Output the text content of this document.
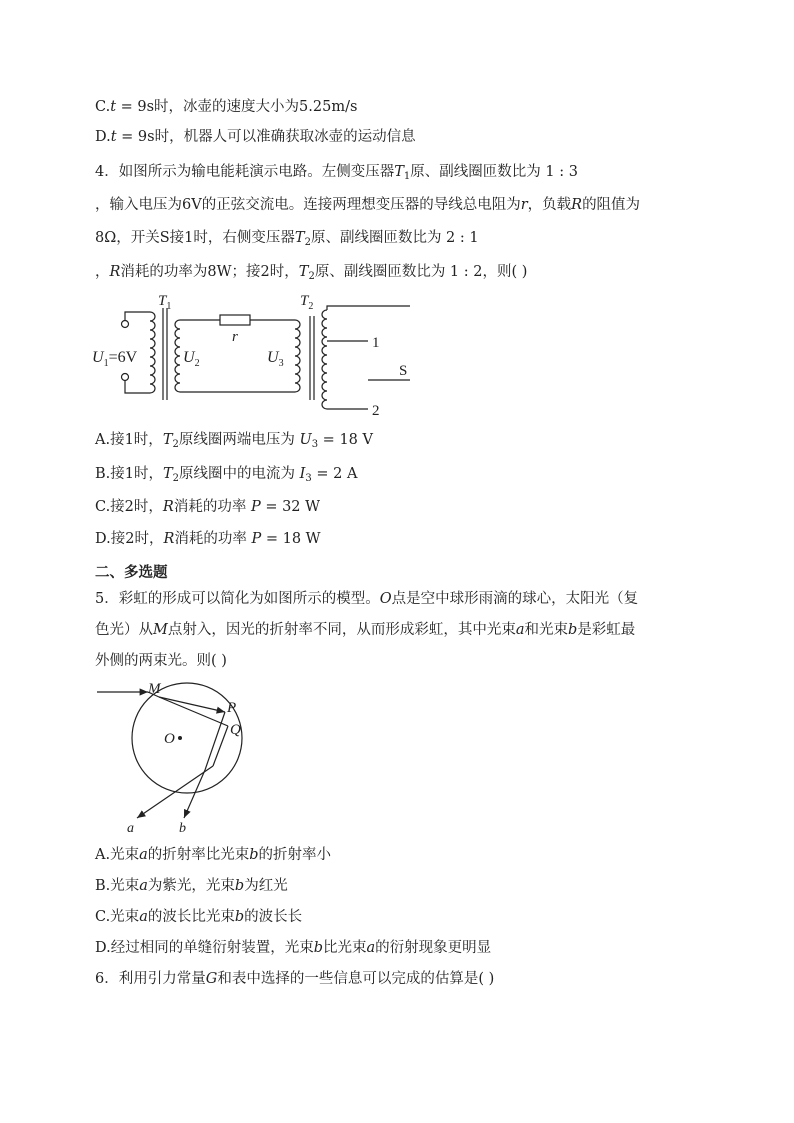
C.t = 9s时，冰壶的速度大小为5.25m/s
D.t = 9s时，机器人可以准确获取冰壶的运动信息
4．如图所示为输电能耗演示电路。左侧变压器$T_1$原、副线圈匝数比为 1 : 3
，输入电压为6V的正弦交流电。连接两理想变压器的导线总电阻为r，负载R的阻值为
8Ω，开关S接1时，右侧变压器$T_2$原、副线圈匝数比为 2 : 1
，R消耗的功率为8W；接2时，$T_2$原、副线圈匝数比为 1 : 2，则( )
$T_1$	$T_2$
$U_1=6V$	$U_2$	$U_3$
r	1
2
S
A.接1时，$T_2$原线圈两端电压为 $U_3 = 18$ V
B.接1时，$T_2$原线圈中的电流为 $I_3 = 2$ A
C.接2时，R消耗的功率 P = 32 W
D.接2时，R消耗的功率 P = 18 W
二、多选题
5．彩虹的形成可以简化为如图所示的模型。O点是空中球形雨滴的球心，太阳光（复
色光）从M点射入，因光的折射率不同，从而形成彩虹，其中光束a和光束b是彩虹最
外侧的两束光。则( )
M
P
Q
O
a	b
A.光束a的折射率比光束b的折射率小
B.光束a为紫光，光束b为红光
C.光束a的波长比光束b的波长长
D.经过相同的单缝衍射装置，光束b比光束a的衍射现象更明显
6．利用引力常量G和表中选择的一些信息可以完成的估算是( )
